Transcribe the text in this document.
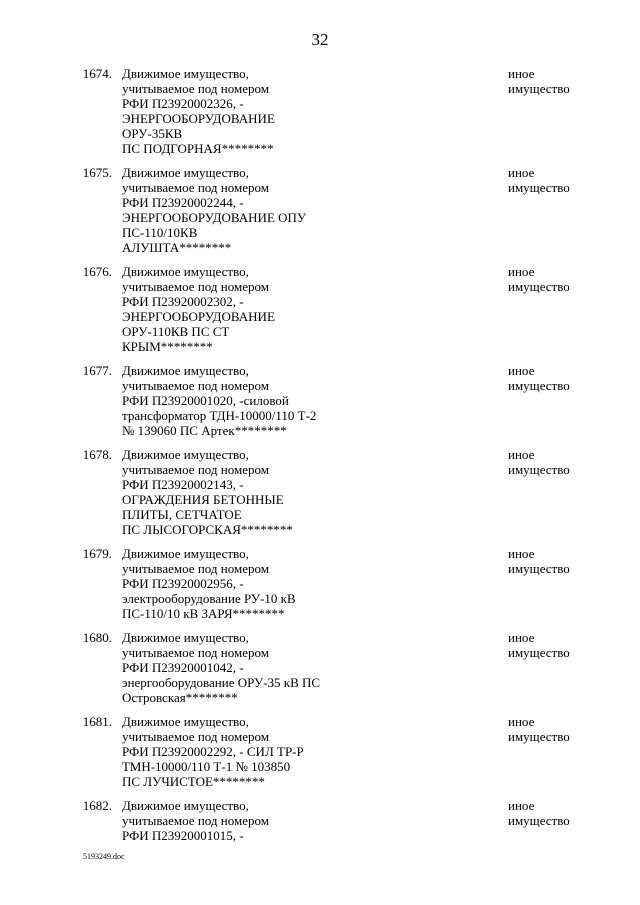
32
1674. Движимое имущество,
учитываемое под номером
РФИ П23920002326, -
ЭНЕРГООБОРУДОВАНИЕ
ОРУ-35КВ
ПС ПОДГОРНАЯ********
иное
имущество
1675. Движимое имущество,
учитываемое под номером
РФИ П23920002244, -
ЭНЕРГООБОРУДОВАНИЕ ОПУ
ПС-110/10КВ
АЛУШТА********
иное
имущество
1676. Движимое имущество,
учитываемое под номером
РФИ П23920002302, -
ЭНЕРГООБОРУДОВАНИЕ
ОРУ-110КВ ПС СТ
КРЫМ********
иное
имущество
1677. Движимое имущество,
учитываемое под номером
РФИ П23920001020, -силовой
трансформатор ТДН-10000/110 Т-2
№ 139060 ПС Артек********
иное
имущество
1678. Движимое имущество,
учитываемое под номером
РФИ П23920002143, -
ОГРАЖДЕНИЯ БЕТОННЫЕ
ПЛИТЫ, СЕТЧАТОЕ
ПС ЛЫСОГОРСКАЯ********
иное
имущество
1679. Движимое имущество,
учитываемое под номером
РФИ П23920002956, -
электрооборудование РУ-10 кВ
ПС-110/10 кВ ЗАРЯ********
иное
имущество
1680. Движимое имущество,
учитываемое под номером
РФИ П23920001042, -
энергооборудование ОРУ-35 кВ ПС
Островская********
иное
имущество
1681. Движимое имущество,
учитываемое под номером
РФИ П23920002292, - СИЛ ТР-Р
ТМН-10000/110 Т-1 № 103850
ПС ЛУЧИСТОЕ********
иное
имущество
1682. Движимое имущество,
учитываемое под номером
РФИ П23920001015, -
иное
имущество
5193249.doc
